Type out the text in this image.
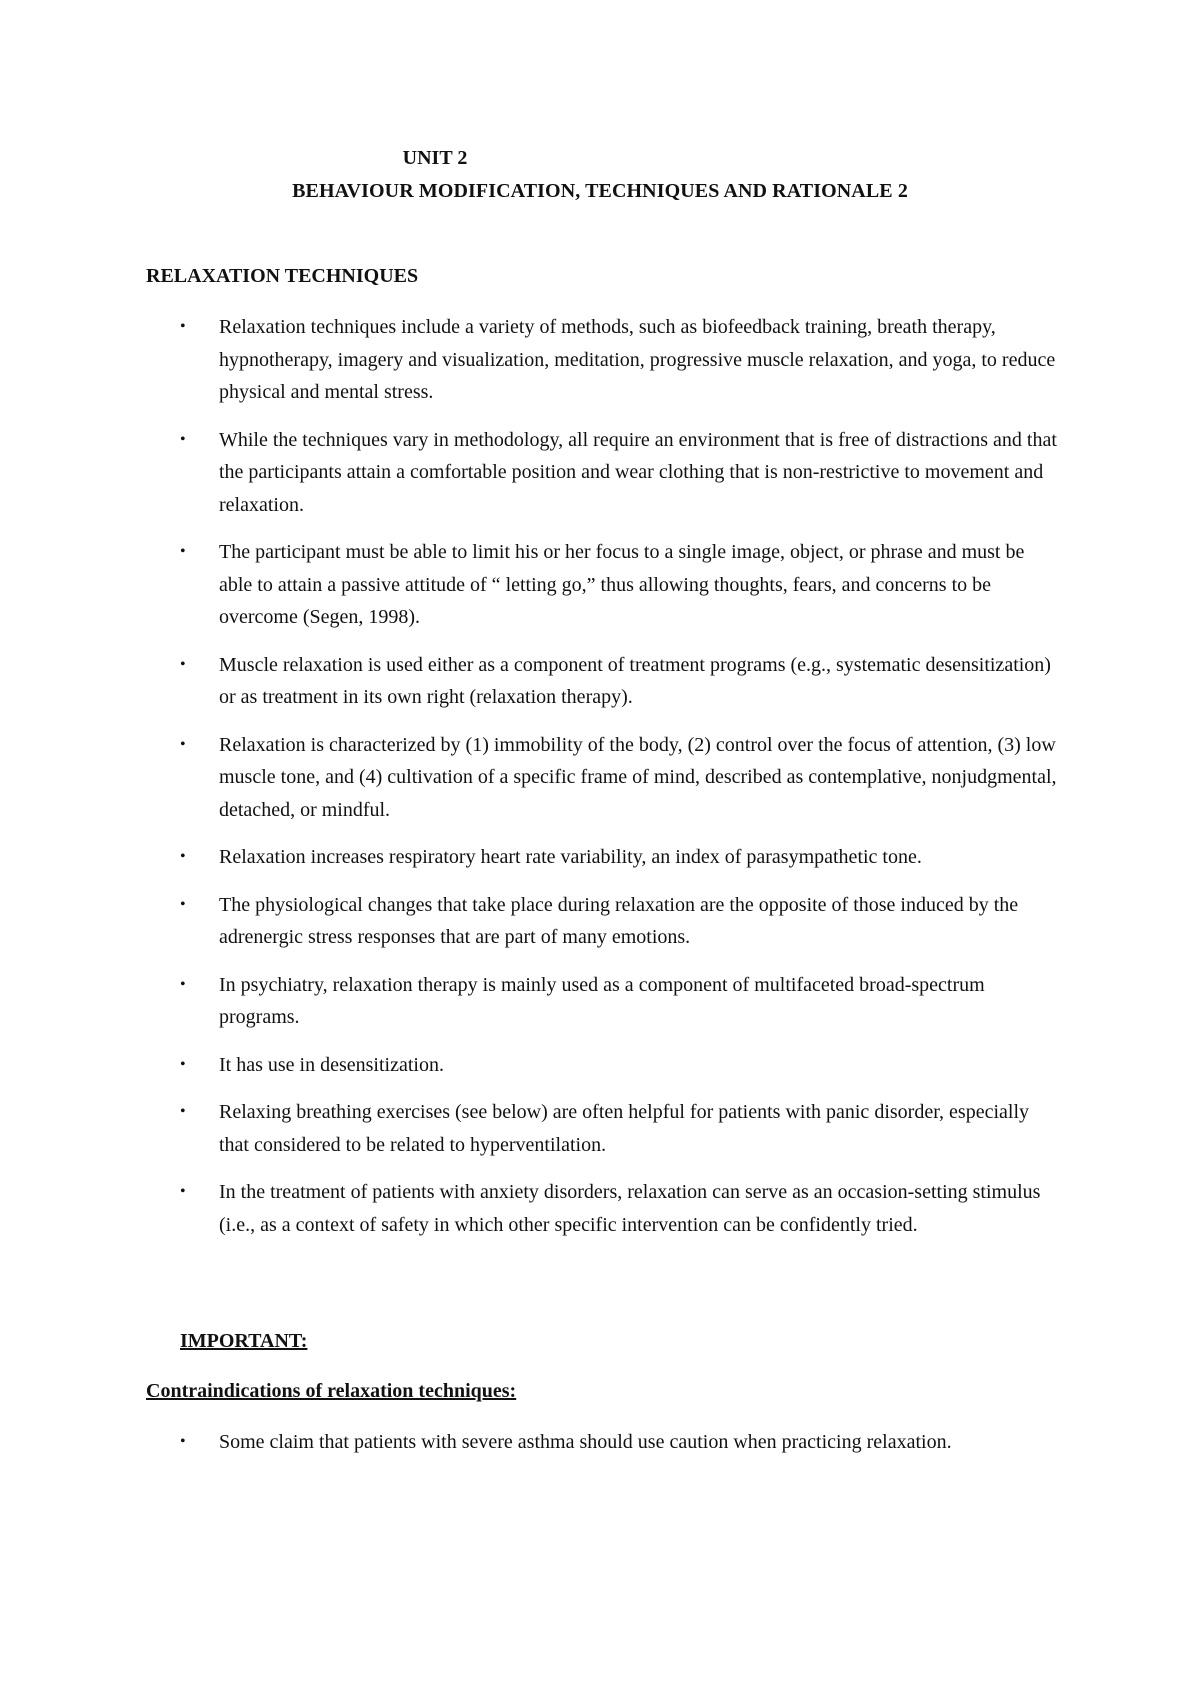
UNIT 2
BEHAVIOUR MODIFICATION, TECHNIQUES AND RATIONALE 2
RELAXATION TECHNIQUES
• Relaxation techniques include a variety of methods, such as biofeedback training, breath therapy, hypnotherapy, imagery and visualization, meditation, progressive muscle relaxation, and yoga, to reduce physical and mental stress.
• While the techniques vary in methodology, all require an environment that is free of distractions and that the participants attain a comfortable position and wear clothing that is non-restrictive to movement and relaxation.
• The participant must be able to limit his or her focus to a single image, object, or phrase and must be able to attain a passive attitude of “ letting go,” thus allowing thoughts, fears, and concerns to be overcome (Segen, 1998).
• Muscle relaxation is used either as a component of treatment programs (e.g., systematic desensitization) or as treatment in its own right (relaxation therapy).
• Relaxation is characterized by (1) immobility of the body, (2) control over the focus of attention, (3) low muscle tone, and (4) cultivation of a specific frame of mind, described as contemplative, nonjudgmental, detached, or mindful.
• Relaxation increases respiratory heart rate variability, an index of parasympathetic tone.
• The physiological changes that take place during relaxation are the opposite of those induced by the adrenergic stress responses that are part of many emotions.
• In psychiatry, relaxation therapy is mainly used as a component of multifaceted broad-spectrum programs.
• It has use in desensitization.
• Relaxing breathing exercises (see below) are often helpful for patients with panic disorder, especially that considered to be related to hyperventilation.
• In the treatment of patients with anxiety disorders, relaxation can serve as an occasion-setting stimulus (i.e., as a context of safety in which other specific intervention can be confidently tried.
IMPORTANT:
Contraindications of relaxation techniques:
• Some claim that patients with severe asthma should use caution when practicing relaxation.
